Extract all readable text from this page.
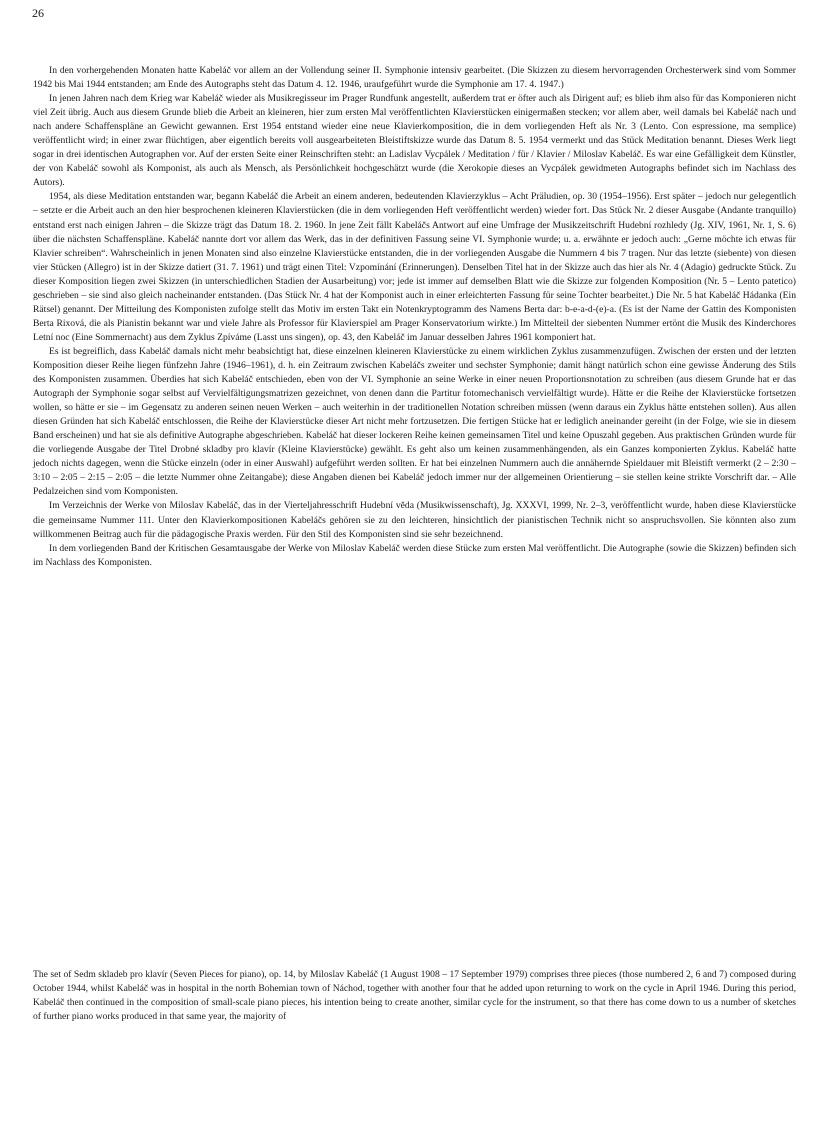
26

In den vorhergehenden Monaten hatte Kabeláč vor allem an der Vollendung seiner II. Symphonie intensiv gearbeitet. (Die Skizzen zu diesem hervorragenden Orchesterwerk sind vom Sommer 1942 bis Mai 1944 entstanden; am Ende des Autographs steht das Datum 4. 12. 1946, uraufgeführt wurde die Symphonie am 17. 4. 1947.)

In jenen Jahren nach dem Krieg war Kabeláč wieder als Musikregisseur im Prager Rundfunk angestellt, außerdem trat er öfter auch als Dirigent auf; es blieb ihm also für das Komponieren nicht viel Zeit übrig. Auch aus diesem Grunde blieb die Arbeit an kleineren, hier zum ersten Mal veröffentlichten Klavierstücken einigermaßen stecken; vor allem aber, weil damals bei Kabeláč nach und nach andere Schaffenspläne an Gewicht gewannen. Erst 1954 entstand wieder eine neue Klavierkomposition, die in dem vorliegenden Heft als Nr. 3 (Lento. Con espressione, ma semplice) veröffentlicht wird; in einer zwar flüchtigen, aber eigentlich bereits voll ausgearbeiteten Bleistiftskizze wurde das Datum 8. 5. 1954 vermerkt und das Stück Meditation benannt. Dieses Werk liegt sogar in drei identischen Autographen vor. Auf der ersten Seite einer Reinschriften steht: an Ladislav Vycpálek / Meditation / für / Klavier / Miloslav Kabeláč. Es war eine Gefälligkeit dem Künstler, der von Kabeláč sowohl als Komponist, als auch als Mensch, als Persönlichkeit hochgeschätzt wurde (die Xerokopie dieses an Vycpálek gewidmeten Autographs befindet sich im Nachlass des Autors).

1954, als diese Meditation entstanden war, begann Kabeláč die Arbeit an einem anderen, bedeutenden Klavierzyklus – Acht Präludien, op. 30 (1954–1956). Erst später – jedoch nur gelegentlich – setzte er die Arbeit auch an den hier besprochenen kleineren Klavierstücken (die in dem vorliegenden Heft veröffentlicht werden) wieder fort. Das Stück Nr. 2 dieser Ausgabe (Andante tranquillo) entstand erst nach einigen Jahren – die Skizze trägt das Datum 18. 2. 1960. In jene Zeit fällt Kabeláčs Antwort auf eine Umfrage der Musikzeitschrift Hudební rozhledy (Jg. XIV, 1961, Nr. 1, S. 6) über die nächsten Schaffenspläne. Kabeláč nannte dort vor allem das Werk, das in der definitiven Fassung seine VI. Symphonie wurde; u. a. erwähnte er jedoch auch: „Gerne möchte ich etwas für Klavier schreiben“. Wahrscheinlich in jenen Monaten sind also einzelne Klavierstücke entstanden, die in der vorliegenden Ausgabe die Nummern 4 bis 7 tragen. Nur das letzte (siebente) von diesen vier Stücken (Allegro) ist in der Skizze datiert (31. 7. 1961) und trägt einen Titel: Vzpomínání (Erinnerungen). Denselben Titel hat in der Skizze auch das hier als Nr. 4 (Adagio) gedruckte Stück. Zu dieser Komposition liegen zwei Skizzen (in unterschiedlichen Stadien der Ausarbeitung) vor; jede ist immer auf demselben Blatt wie die Skizze zur folgenden Komposition (Nr. 5 – Lento patetico) geschrieben – sie sind also gleich nacheinander entstanden. (Das Stück Nr. 4 hat der Komponist auch in einer erleichterten Fassung für seine Tochter bearbeitet.) Die Nr. 5 hat Kabeláč Hádanka (Ein Rätsel) genannt. Der Mitteilung des Komponisten zufolge stellt das Motiv im ersten Takt ein Notenkryptogramm des Namens Berta dar: b-e-a-d-(e)-a. (Es ist der Name der Gattin des Komponisten Berta Rixová, die als Pianistin bekannt war und viele Jahre als Professor für Klavierspiel am Prager Konservatorium wirkte.) Im Mittelteil der siebenten Nummer ertönt die Musik des Kinderchores Letní noc (Eine Sommernacht) aus dem Zyklus Zpíváme (Lasst uns singen), op. 43, den Kabeláč im Januar desselben Jahres 1961 komponiert hat.

Es ist begreiflich, dass Kabeláč damals nicht mehr beabsichtigt hat, diese einzelnen kleineren Klavierstücke zu einem wirklichen Zyklus zusammenzufügen. Zwischen der ersten und der letzten Komposition dieser Reihe liegen fünfzehn Jahre (1946–1961), d. h. ein Zeitraum zwischen Kabeláčs zweiter und sechster Symphonie; damit hängt natürlich schon eine gewisse Änderung des Stils des Komponisten zusammen. Überdies hat sich Kabeláč entschieden, eben von der VI. Symphonie an seine Werke in einer neuen Proportionsnotation zu schreiben (aus diesem Grunde hat er das Autograph der Symphonie sogar selbst auf Vervielfältigungsmatrizen gezeichnet, von denen dann die Partitur fotomechanisch vervielfältigt wurde). Hätte er die Reihe der Klavierstücke fortsetzen wollen, so hätte er sie – im Gegensatz zu anderen seinen neuen Werken – auch weiterhin in der traditionellen Notation schreiben müssen (wenn daraus ein Zyklus hätte entstehen sollen). Aus allen diesen Gründen hat sich Kabeláč entschlossen, die Reihe der Klavierstücke dieser Art nicht mehr fortzusetzen. Die fertigen Stücke hat er lediglich aneinander gereiht (in der Folge, wie sie in diesem Band erscheinen) und hat sie als definitive Autographe abgeschrieben. Kabeláč hat dieser lockeren Reihe keinen gemeinsamen Titel und keine Opuszahl gegeben. Aus praktischen Gründen wurde für die vorliegende Ausgabe der Titel Drobné skladby pro klavír (Kleine Klavierstücke) gewählt. Es geht also um keinen zusammenhängenden, als ein Ganzes komponierten Zyklus. Kabeláč hatte jedoch nichts dagegen, wenn die Stücke einzeln (oder in einer Auswahl) aufgeführt werden sollten. Er hat bei einzelnen Nummern auch die annähernde Spieldauer mit Bleistift vermerkt (2 – 2:30 – 3:10 – 2:05 – 2:15 – 2:05 – die letzte Nummer ohne Zeitangabe); diese Angaben dienen bei Kabeláč jedoch immer nur der allgemeinen Orientierung – sie stellen keine strikte Vorschrift dar. – Alle Pedalzeichen sind vom Komponisten.

Im Verzeichnis der Werke von Miloslav Kabeláč, das in der Vierteljahresschrift Hudební věda (Musikwissenschaft), Jg. XXXVI, 1999, Nr. 2–3, veröffentlicht wurde, haben diese Klavierstücke die gemeinsame Nummer 111. Unter den Klavierkompositionen Kabeláčs gehören sie zu den leichteren, hinsichtlich der pianistischen Technik nicht so anspruchsvollen. Sie könnten also zum willkommenen Beitrag auch für die pädagogische Praxis werden. Für den Stil des Komponisten sind sie sehr bezeichnend.

In dem vorliegenden Band der Kritischen Gesamtausgabe der Werke von Miloslav Kabeláč werden diese Stücke zum ersten Mal veröffentlicht. Die Autographe (sowie die Skizzen) befinden sich im Nachlass des Komponisten.

The set of Sedm skladeb pro klavír (Seven Pieces for piano), op. 14, by Miloslav Kabeláč (1 August 1908 – 17 September 1979) comprises three pieces (those numbered 2, 6 and 7) composed during October 1944, whilst Kabeláč was in hospital in the north Bohemian town of Náchod, together with another four that he added upon returning to work on the cycle in April 1946. During this period, Kabeláč then continued in the composition of small-scale piano pieces, his intention being to create another, similar cycle for the instrument, so that there has come down to us a number of sketches of further piano works produced in that same year, the majority of
